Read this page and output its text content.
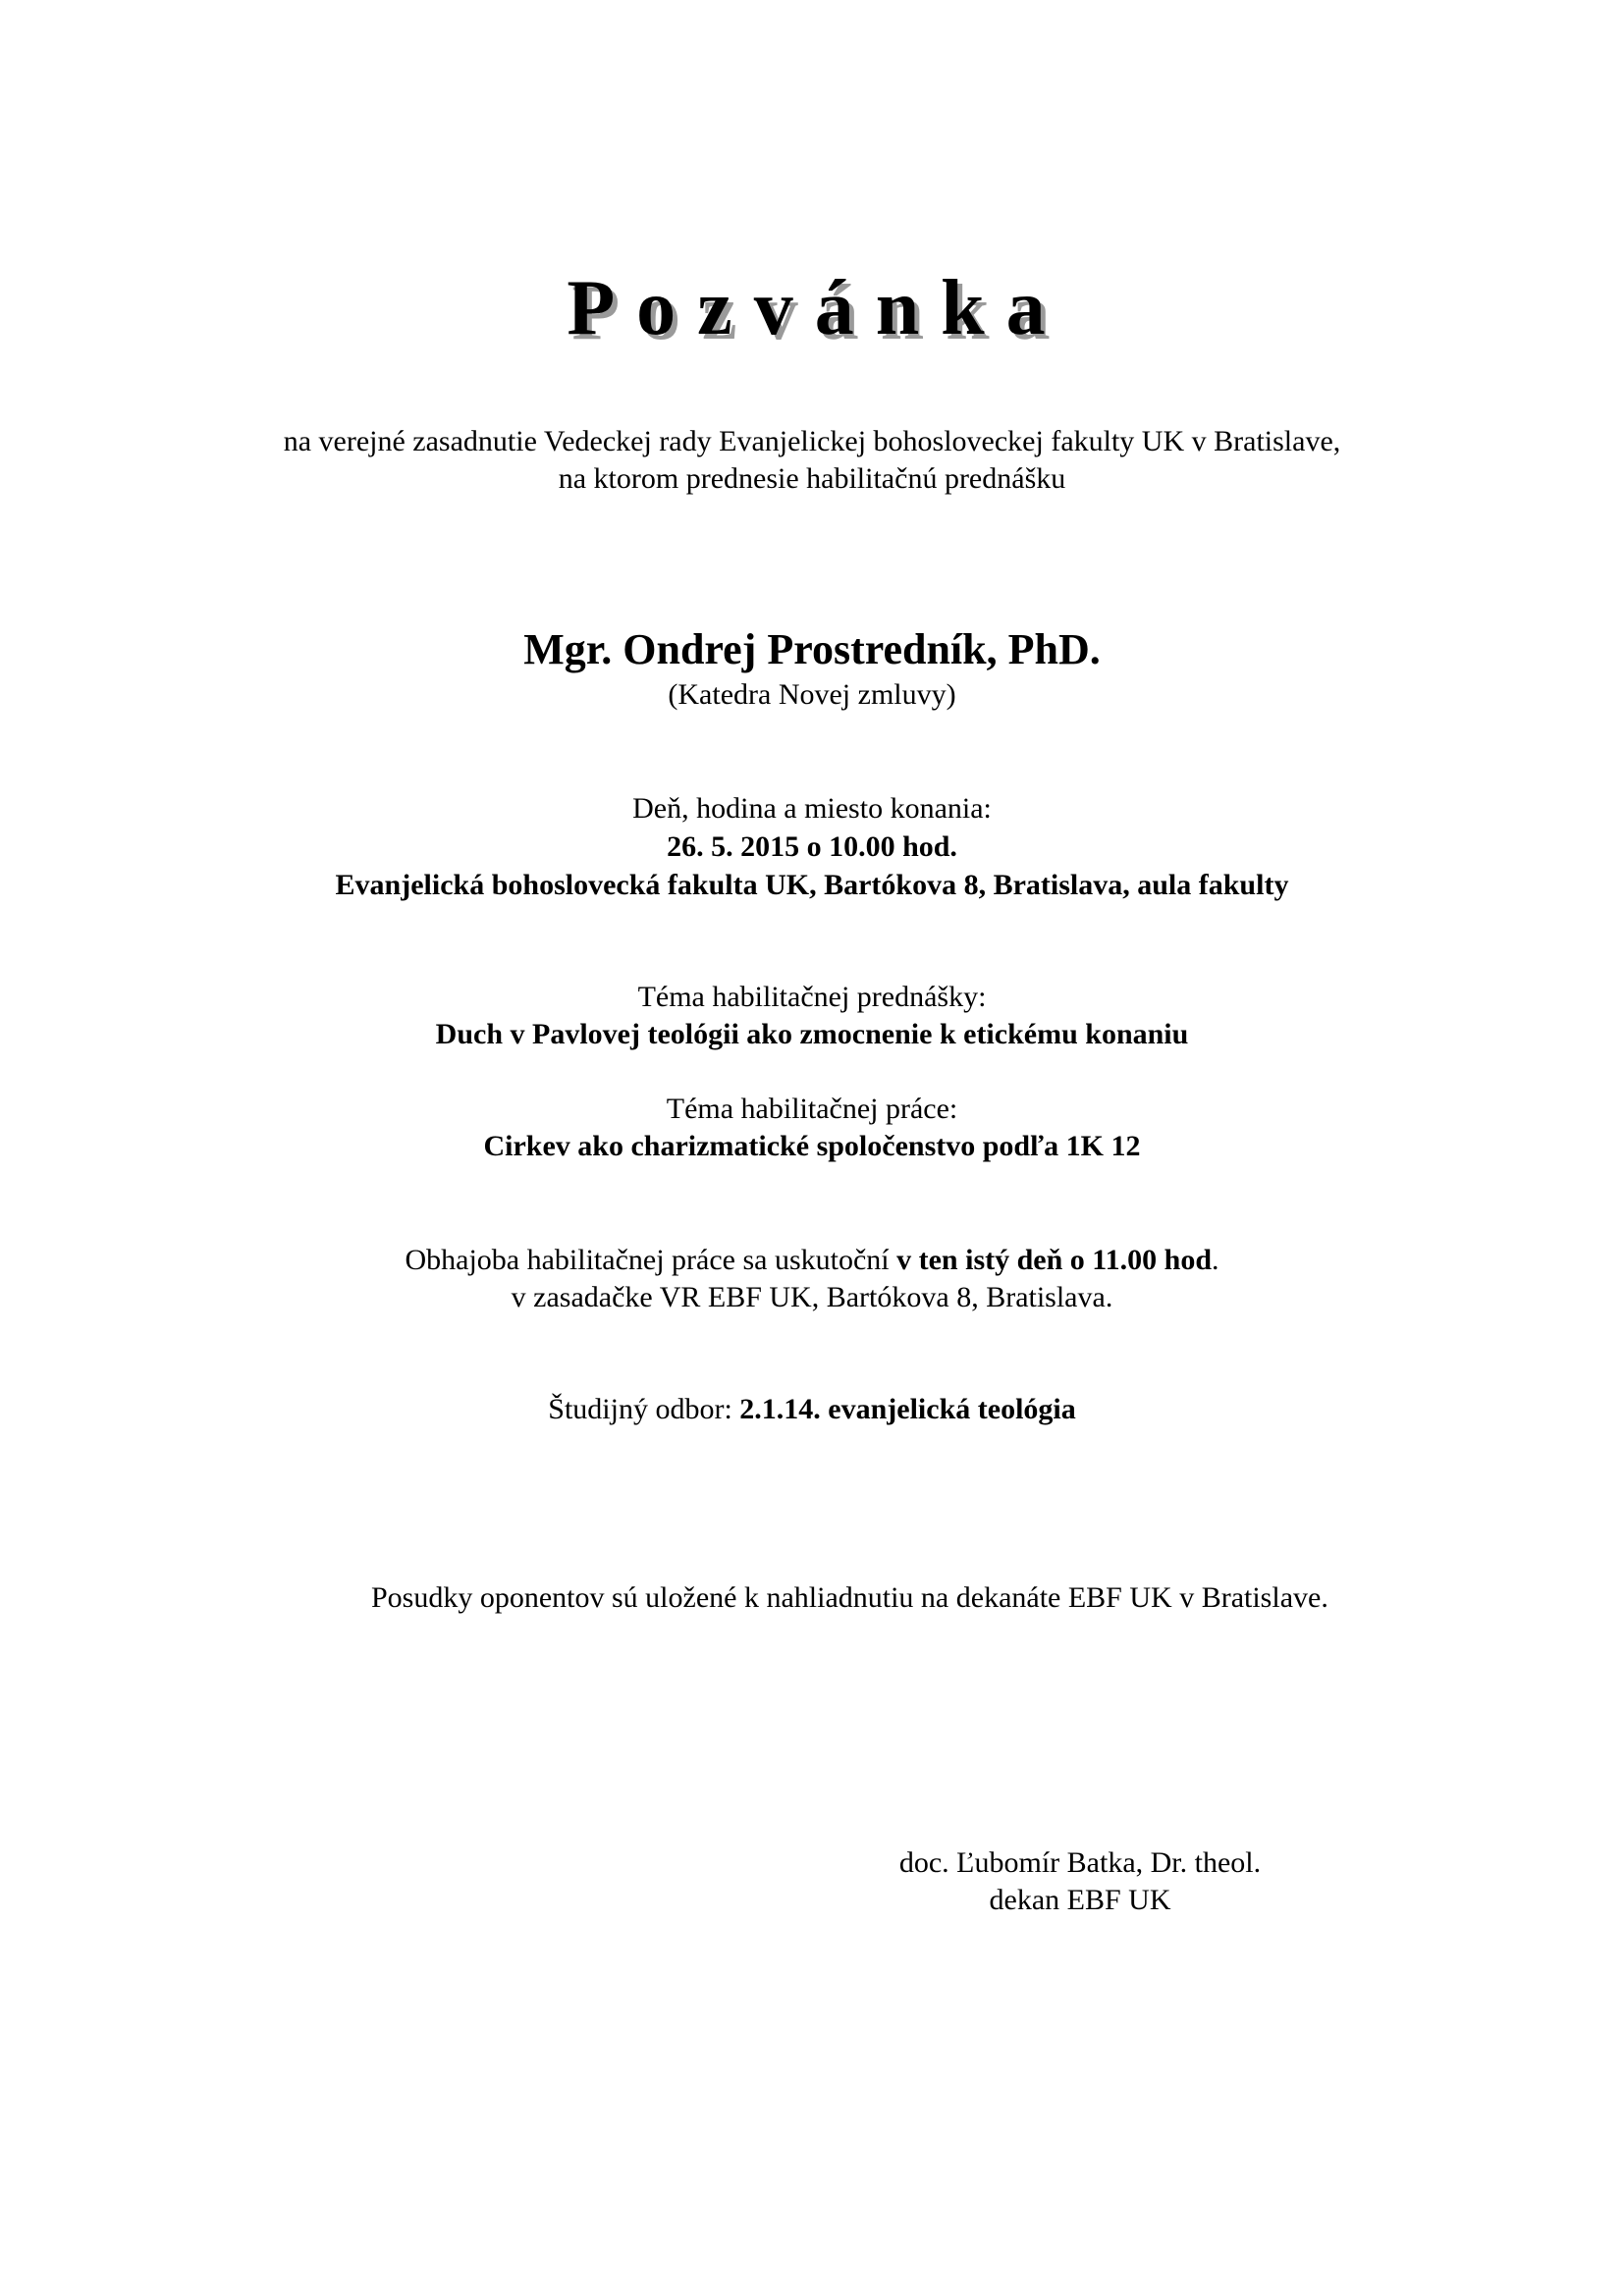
Pozvánka
na verejné zasadnutie Vedeckej rady Evanjelickej bohosloveckej fakulty UK v Bratislave,
na ktorom prednesie habilitačnú prednášku
Mgr. Ondrej Prostredník, PhD.
(Katedra Novej zmluvy)
Deň, hodina a miesto konania:
26. 5. 2015 o 10.00 hod.
Evanjelická bohoslovecká fakulta UK, Bartókova 8, Bratislava, aula fakulty
Téma habilitačnej prednášky:
Duch v Pavlovej teológii ako zmocnenie k etickému konaniu
Téma habilitačnej práce:
Cirkev ako charizmatické spoločenstvo podľa 1K 12
Obhajoba habilitačnej práce sa uskutoční v ten istý deň o 11.00 hod.
v zasadačke VR EBF UK, Bartókova 8, Bratislava.
Študijný odbor: 2.1.14. evanjelická teológia
Posudky oponentov sú uložené k nahliadnutiu na dekanáte EBF UK v Bratislave.
doc. Ľubomír Batka, Dr. theol.
dekan EBF UK
